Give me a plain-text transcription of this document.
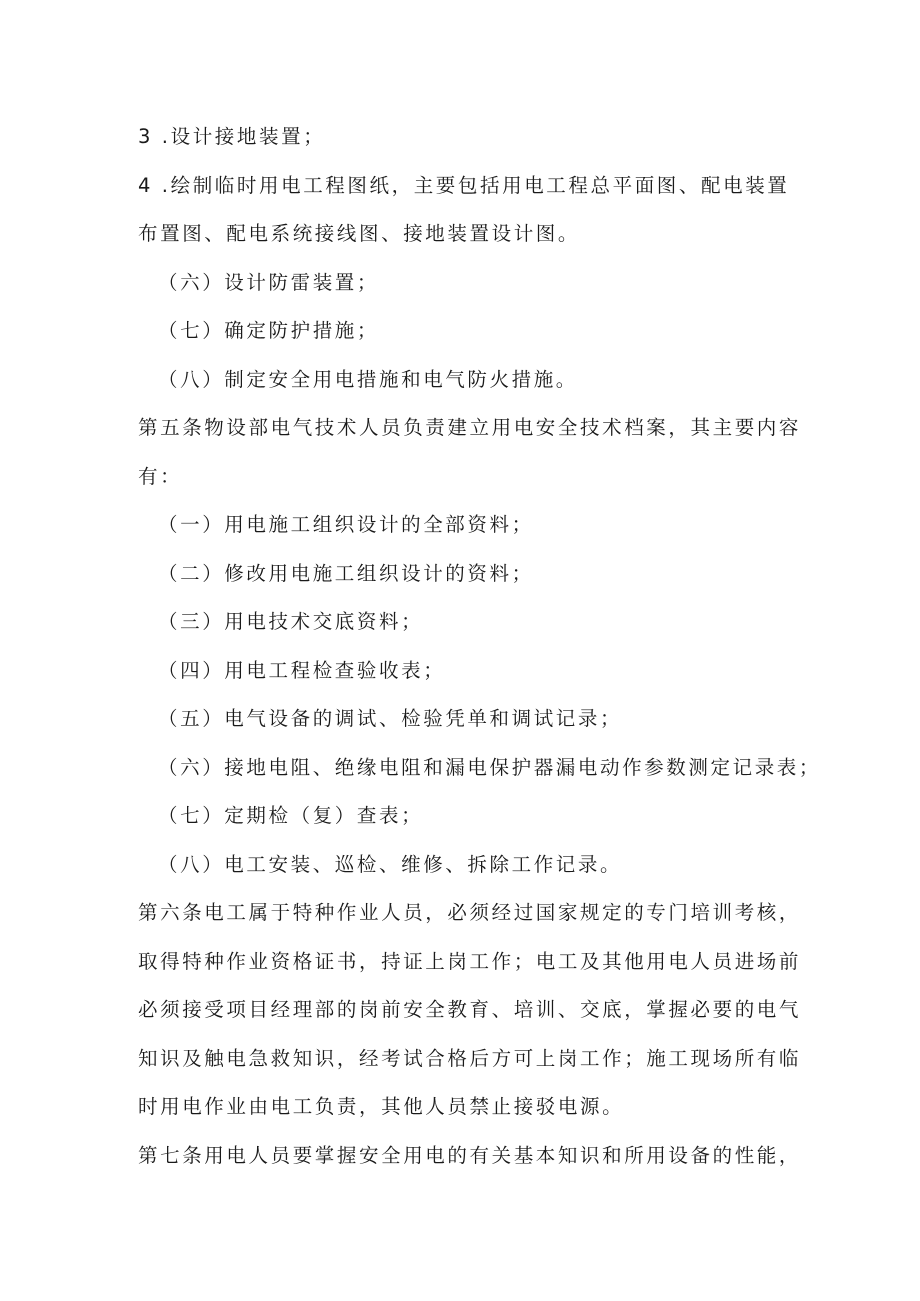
3 .设计接地装置；
4 .绘制临时用电工程图纸，主要包括用电工程总平面图、配电装置
布置图、配电系统接线图、接地装置设计图。
（六）设计防雷装置；
（七）确定防护措施；
（八）制定安全用电措施和电气防火措施。
第五条物设部电气技术人员负责建立用电安全技术档案，其主要内容
有：
（一）用电施工组织设计的全部资料；
（二）修改用电施工组织设计的资料；
（三）用电技术交底资料；
（四）用电工程检查验收表；
（五）电气设备的调试、检验凭单和调试记录；
（六）接地电阻、绝缘电阻和漏电保护器漏电动作参数测定记录表；
（七）定期检（复）查表；
（八）电工安装、巡检、维修、拆除工作记录。
第六条电工属于特种作业人员，必须经过国家规定的专门培训考核，
取得特种作业资格证书，持证上岗工作；电工及其他用电人员进场前
必须接受项目经理部的岗前安全教育、培训、交底，掌握必要的电气
知识及触电急救知识，经考试合格后方可上岗工作；施工现场所有临
时用电作业由电工负责，其他人员禁止接驳电源。
第七条用电人员要掌握安全用电的有关基本知识和所用设备的性能，
